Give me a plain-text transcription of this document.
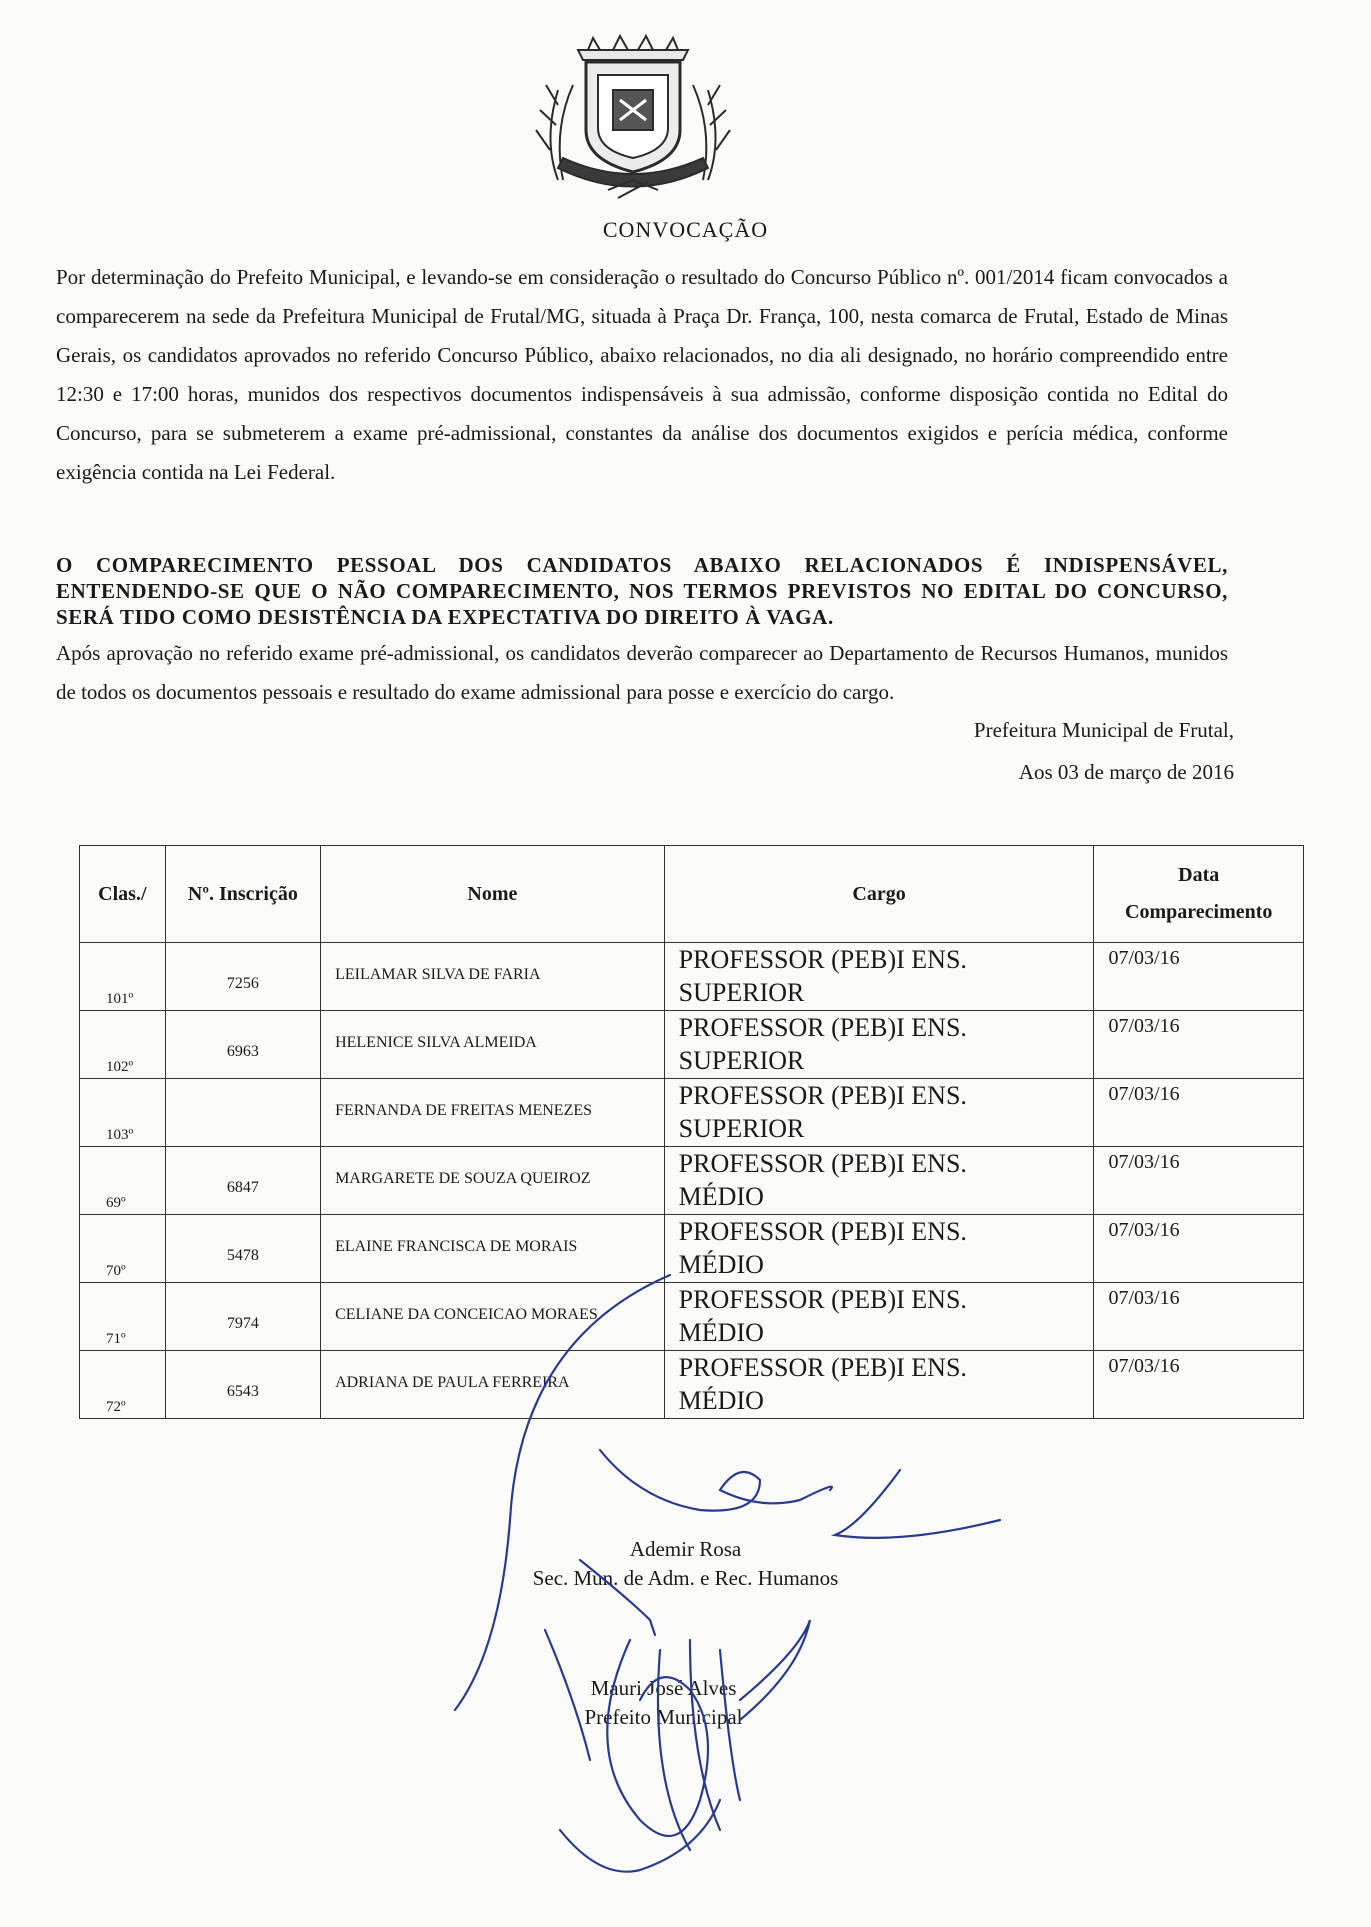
CONVOCAÇÃO
Por determinação do Prefeito Municipal, e levando-se em consideração o resultado do Concurso Público nº. 001/2014 ficam convocados a comparecerem na sede da Prefeitura Municipal de Frutal/MG, situada à Praça Dr. França, 100, nesta comarca de Frutal, Estado de Minas Gerais, os candidatos aprovados no referido Concurso Público, abaixo relacionados, no dia ali designado, no horário compreendido entre 12:30 e 17:00 horas, munidos dos respectivos documentos indispensáveis à sua admissão, conforme disposição contida no Edital do Concurso, para se submeterem a exame pré-admissional, constantes da análise dos documentos exigidos e perícia médica, conforme exigência contida na Lei Federal.
O COMPARECIMENTO PESSOAL DOS CANDIDATOS ABAIXO RELACIONADOS É INDISPENSÁVEL, ENTENDENDO-SE QUE O NÃO COMPARECIMENTO, NOS TERMOS PREVISTOS NO EDITAL DO CONCURSO, SERÁ TIDO COMO DESISTÊNCIA DA EXPECTATIVA DO DIREITO À VAGA.
Após aprovação no referido exame pré-admissional, os candidatos deverão comparecer ao Departamento de Recursos Humanos, munidos de todos os documentos pessoais e resultado do exame admissional para posse e exercício do cargo.
Prefeitura Municipal de Frutal,
Aos 03 de março de 2016
Clas./	Nº. Inscrição	Nome	Cargo	Data
Comparecimento

101º	7256	LEILAMAR SILVA DE FARIA	PROFESSOR (PEB)I ENS.
SUPERIOR	07/03/16

102º	6963	HELENICE SILVA ALMEIDA	PROFESSOR (PEB)I ENS.
SUPERIOR	07/03/16

103º		FERNANDA DE FREITAS MENEZES	PROFESSOR (PEB)I ENS.
SUPERIOR	07/03/16

69º	6847	MARGARETE DE SOUZA QUEIROZ	PROFESSOR (PEB)I ENS.
MÉDIO	07/03/16

70º	5478	ELAINE FRANCISCA DE MORAIS	PROFESSOR (PEB)I ENS.
MÉDIO	07/03/16

71º	7974	CELIANE DA CONCEICAO MORAES	PROFESSOR (PEB)I ENS.
MÉDIO	07/03/16

72º	6543	ADRIANA DE PAULA FERREIRA	PROFESSOR (PEB)I ENS.
MÉDIO	07/03/16
Ademir Rosa
Sec. Mun. de Adm. e Rec. Humanos
Mauri José Alves
Prefeito Municipal
